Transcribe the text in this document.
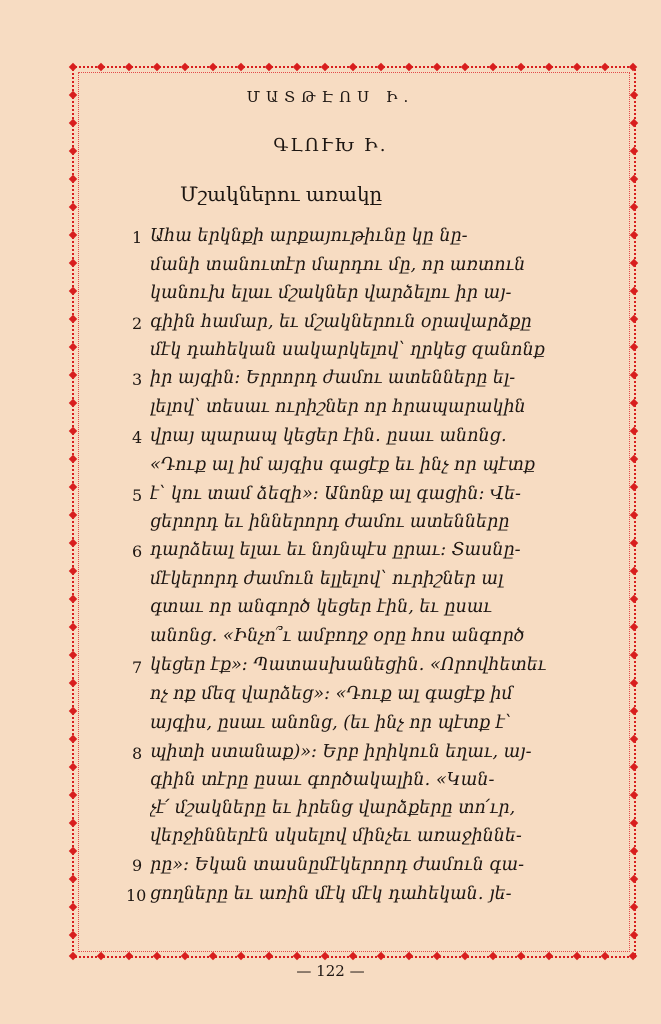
ՄԱՏԹԷՈՍ Ի․
ԳԼՈՒԽ Ի․
Մշակներու առակը
1
2
3
4
5
6
7
8
9
10
Ահա երկնքի արքայութիւնը կը նը-
մանի տանուտէր մարդու մը, որ առտուն
կանուխ ելաւ մշակներ վարձելու իր այ-
գիին համար, եւ մշակներուն օրավարձքը
մէկ դահեկան սակարկելով՝ ղրկեց զանոնք
իր այգին։ Երրորդ ժամու ատենները ել-
լելով՝ տեսաւ ուրիշներ որ հրապարակին
վրայ պարապ կեցեր էին․ ըսաւ անոնց․
«Դուք ալ իմ այգիս գացէք եւ ինչ որ պէտք
է՝ կու տամ ձեզի»։ Անոնք ալ գացին։ Վե-
ցերորդ եւ իններորդ ժամու ատենները
դարձեալ ելաւ եւ նոյնպէս ըրաւ։ Տասնը-
մէկերորդ ժամուն ելլելով՝ ուրիշներ ալ
գտաւ որ անգործ կեցեր էին, եւ ըսաւ
անոնց․ «Ինչո՞ւ ամբողջ օրը հոս անգործ
կեցեր էք»։ Պատասխանեցին․ «Որովհետեւ
ոչ ոք մեզ վարձեց»։ «Դուք ալ գացէք իմ
այգիս, ըսաւ անոնց, (եւ ինչ որ պէտք է՝
պիտի ստանաք)»։ Երբ իրիկուն եղաւ, այ-
գիին տէրը ըսաւ գործակալին․ «Կան-
չէ՛ մշակները եւ իրենց վարձքերը տո՛ւր,
վերջիններէն սկսելով մինչեւ առաջիննե-
րը»։ Եկան տասնըմէկերորդ ժամուն գա-
ցողները եւ առին մէկ մէկ դահեկան․ յե-
— 122 —
